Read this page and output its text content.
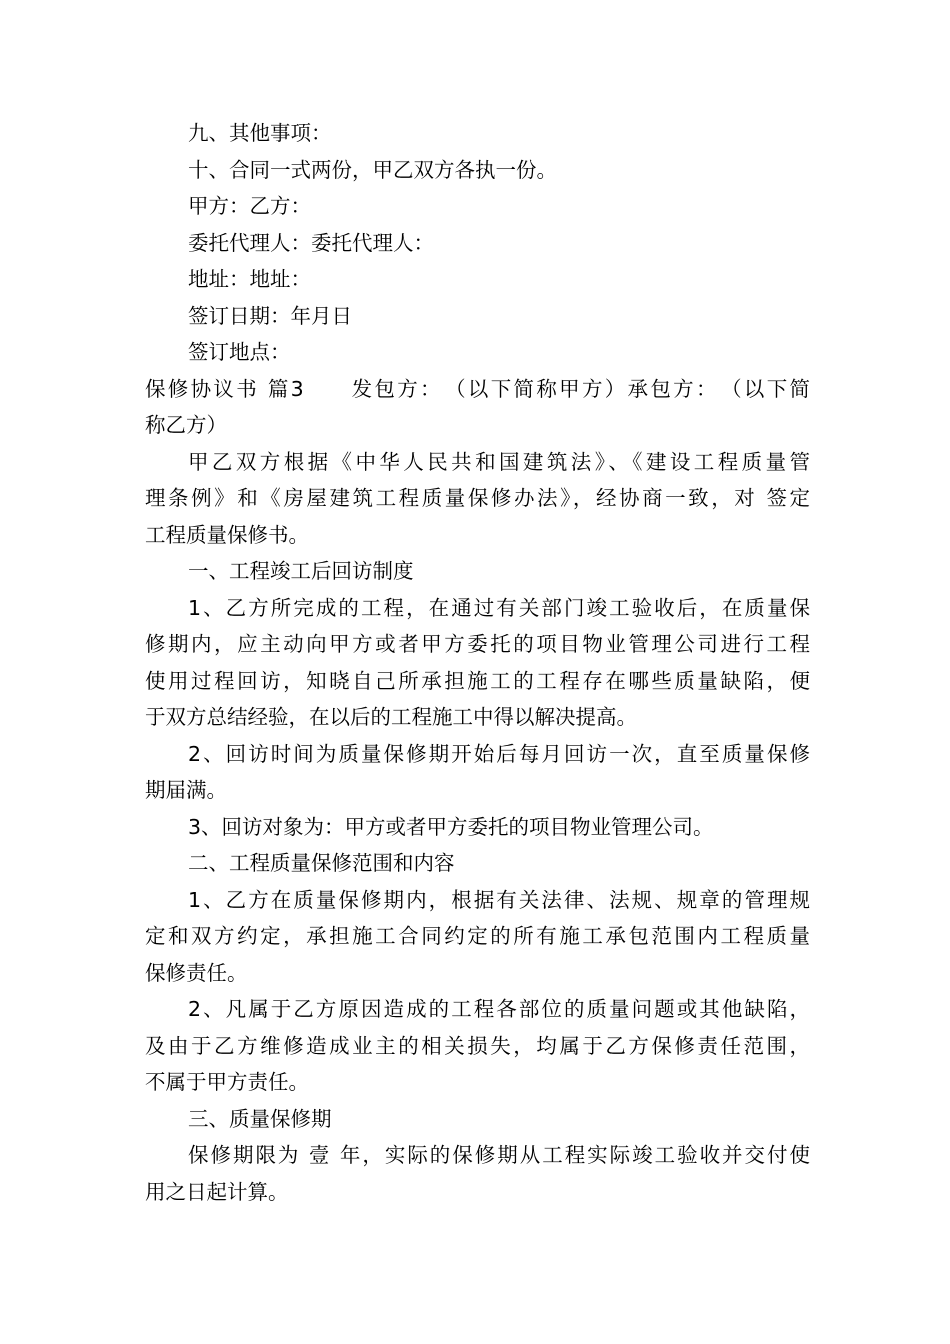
九、其他事项：
十、合同一式两份，甲乙双方各执一份。
甲方：乙方：
委托代理人：委托代理人：
地址：地址：
签订日期：年月日
签订地点：
保修协议书 篇3　　发包方：　（以下简称甲方）承包方：　（以下简
称乙方）
甲乙双方根据《中华人民共和国建筑法》、《建设工程质量管
理条例》和《房屋建筑工程质量保修办法》，经协商一致，对 签定
工程质量保修书。
一、工程竣工后回访制度
1、乙方所完成的工程，在通过有关部门竣工验收后，在质量保
修期内，应主动向甲方或者甲方委托的项目物业管理公司进行工程
使用过程回访，知晓自己所承担施工的工程存在哪些质量缺陷，便
于双方总结经验，在以后的工程施工中得以解决提高。
2、回访时间为质量保修期开始后每月回访一次，直至质量保修
期届满。
3、回访对象为：甲方或者甲方委托的项目物业管理公司。
二、工程质量保修范围和内容
1、乙方在质量保修期内，根据有关法律、法规、规章的管理规
定和双方约定，承担施工合同约定的所有施工承包范围内工程质量
保修责任。
2、凡属于乙方原因造成的工程各部位的质量问题或其他缺陷，
及由于乙方维修造成业主的相关损失，均属于乙方保修责任范围，
不属于甲方责任。
三、质量保修期
保修期限为 壹 年，实际的保修期从工程实际竣工验收并交付使
用之日起计算。
